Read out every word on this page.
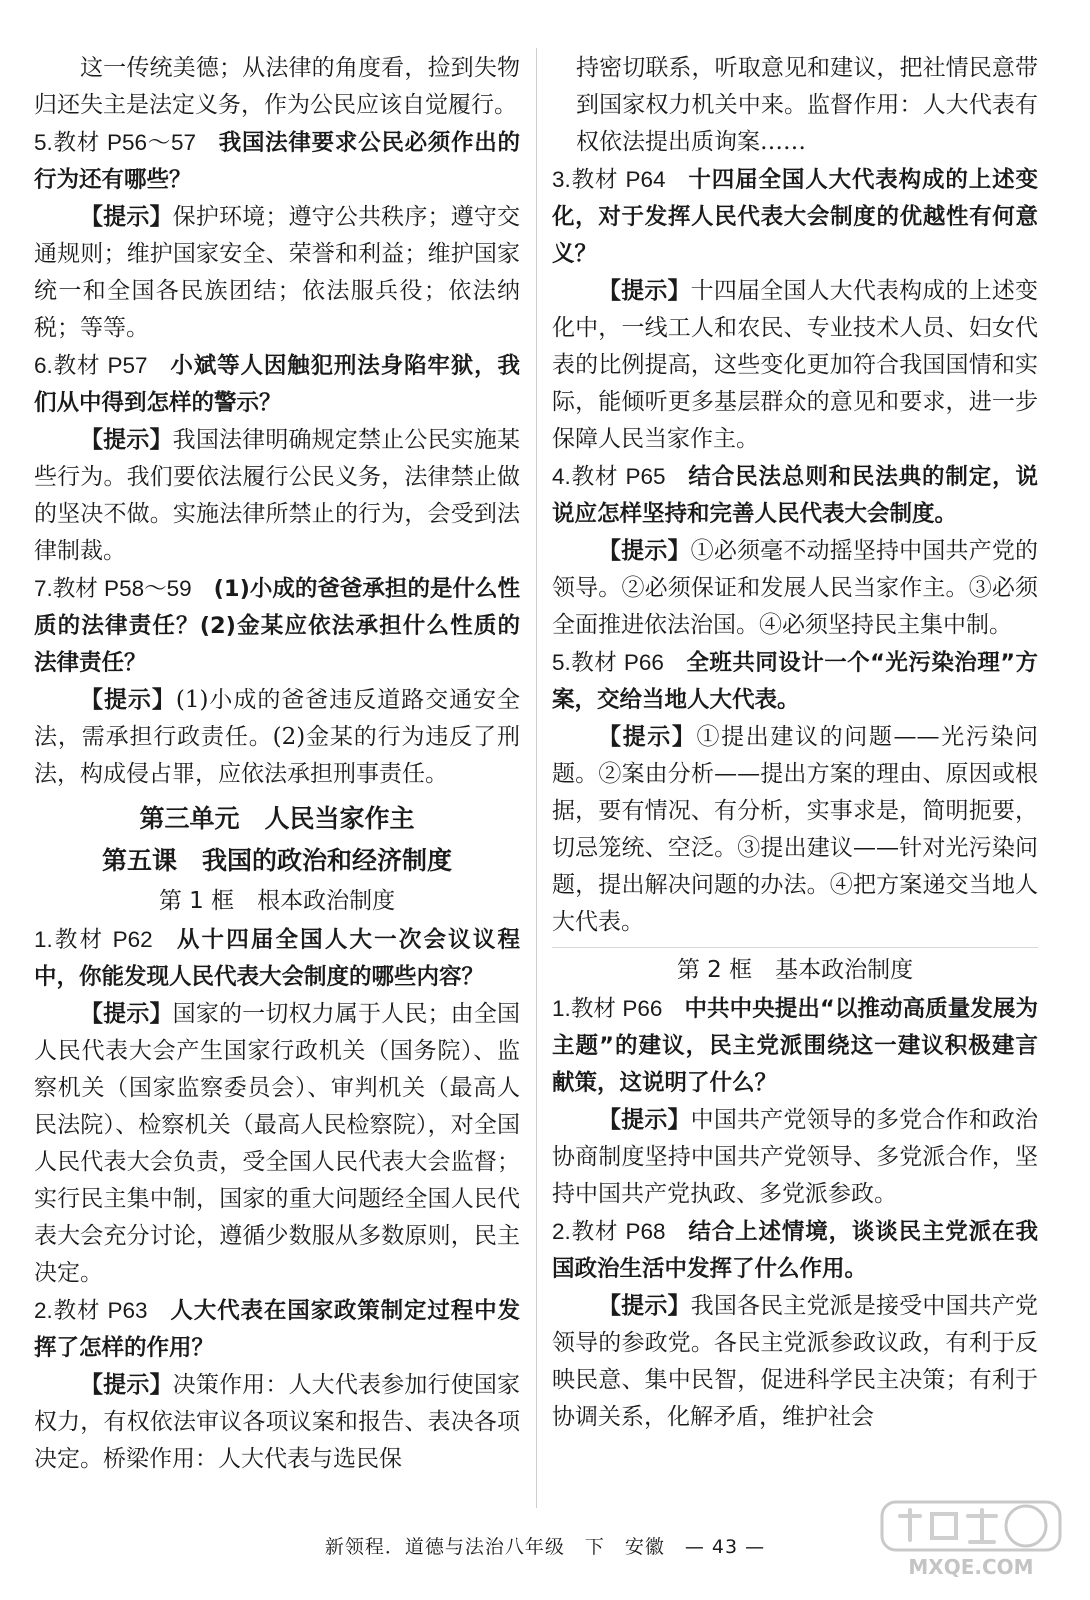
这一传统美德；从法律的角度看，捡到失物归还失主是法定义务，作为公民应该自觉履行。

5.教材 P56～57 我国法律要求公民必须作出的行为还有哪些？

【提示】保护环境；遵守公共秩序；遵守交通规则；维护国家安全、荣誉和利益；维护国家统一和全国各民族团结；依法服兵役；依法纳税；等等。

6.教材 P57 小斌等人因触犯刑法身陷牢狱，我们从中得到怎样的警示？

【提示】我国法律明确规定禁止公民实施某些行为。我们要依法履行公民义务，法律禁止做的坚决不做。实施法律所禁止的行为，会受到法律制裁。

7.教材 P58～59 (1)小成的爸爸承担的是什么性质的法律责任？(2)金某应依法承担什么性质的法律责任？

【提示】(1)小成的爸爸违反道路交通安全法，需承担行政责任。(2)金某的行为违反了刑法，构成侵占罪，应依法承担刑事责任。

第三单元　人民当家作主
第五课　我国的政治和经济制度
第 1 框　根本政治制度

1.教材 P62 从十四届全国人大一次会议议程中，你能发现人民代表大会制度的哪些内容？

【提示】国家的一切权力属于人民；由全国人民代表大会产生国家行政机关（国务院）、监察机关（国家监察委员会）、审判机关（最高人民法院）、检察机关（最高人民检察院），对全国人民代表大会负责，受全国人民代表大会监督；实行民主集中制，国家的重大问题经全国人民代表大会充分讨论，遵循少数服从多数原则，民主决定。

2.教材 P63 人大代表在国家政策制定过程中发挥了怎样的作用？

【提示】决策作用：人大代表参加行使国家权力，有权依法审议各项议案和报告、表决各项决定。桥梁作用：人大代表与选民保

持密切联系，听取意见和建议，把社情民意带到国家权力机关中来。监督作用：人大代表有权依法提出质询案……

3.教材 P64 十四届全国人大代表构成的上述变化，对于发挥人民代表大会制度的优越性有何意义？

【提示】十四届全国人大代表构成的上述变化中，一线工人和农民、专业技术人员、妇女代表的比例提高，这些变化更加符合我国国情和实际，能倾听更多基层群众的意见和要求，进一步保障人民当家作主。

4.教材 P65 结合民法总则和民法典的制定，说说应怎样坚持和完善人民代表大会制度。

【提示】①必须毫不动摇坚持中国共产党的领导。②必须保证和发展人民当家作主。③必须全面推进依法治国。④必须坚持民主集中制。

5.教材 P66 全班共同设计一个“光污染治理”方案，交给当地人大代表。

【提示】①提出建议的问题——光污染问题。②案由分析——提出方案的理由、原因或根据，要有情况、有分析，实事求是，简明扼要，切忌笼统、空泛。③提出建议——针对光污染问题，提出解决问题的办法。④把方案递交当地人大代表。

第 2 框　基本政治制度

1.教材 P66 中共中央提出“以推动高质量发展为主题”的建议，民主党派围绕这一建议积极建言献策，这说明了什么？

【提示】中国共产党领导的多党合作和政治协商制度坚持中国共产党领导、多党派合作，坚持中国共产党执政、多党派参政。

2.教材 P68 结合上述情境，谈谈民主党派在我国政治生活中发挥了什么作用。

【提示】我国各民主党派是接受中国共产党领导的参政党。各民主党派参政议政，有利于反映民意、集中民智，促进科学民主决策；有利于协调关系，化解矛盾，维护社会

新领程．道德与法治八年级　下　安徽　— 43 —
MXQE.COM
